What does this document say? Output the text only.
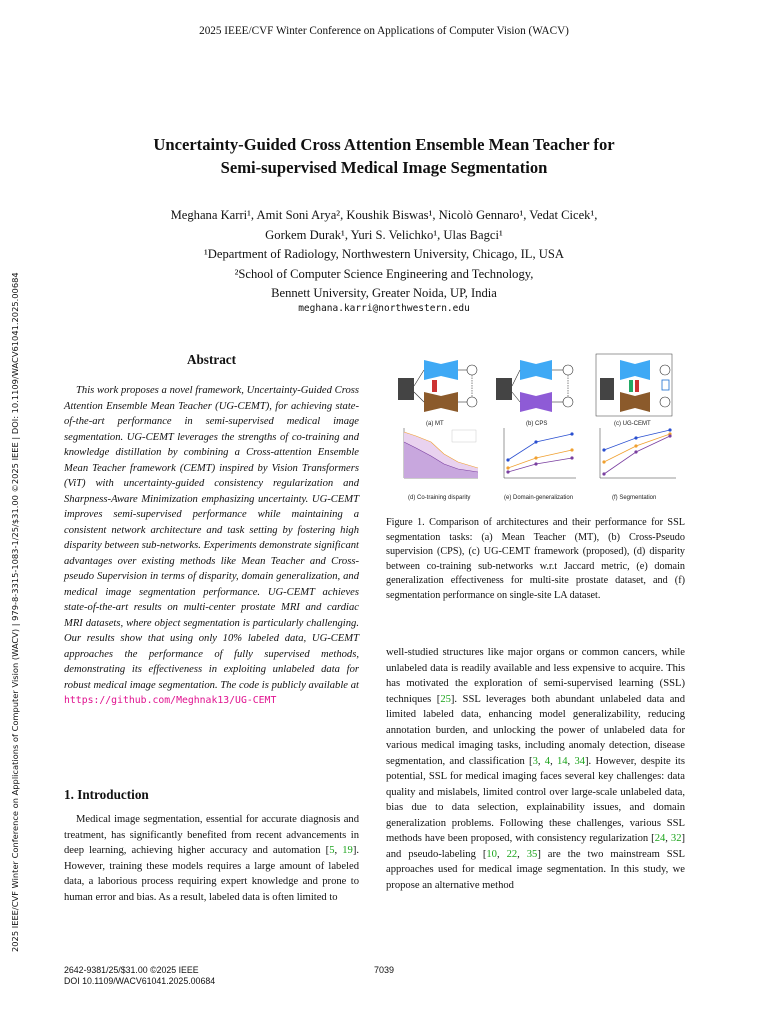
2025 IEEE/CVF Winter Conference on Applications of Computer Vision (WACV)
Uncertainty-Guided Cross Attention Ensemble Mean Teacher for
Semi-supervised Medical Image Segmentation
Meghana Karri¹, Amit Soni Arya², Koushik Biswas¹, Nicolò Gennaro¹, Vedat Cicek¹,
Gorkem Durak¹, Yuri S. Velichko¹, Ulas Bagci¹
¹Department of Radiology, Northwestern University, Chicago, IL, USA
²School of Computer Science Engineering and Technology,
Bennett University, Greater Noida, UP, India
meghana.karri@northwestern.edu
2025 IEEE/CVF Winter Conference on Applications of Computer Vision (WACV) | 979-8-3315-1083-1/25/$31.00 ©2025 IEEE | DOI: 10.1109/WACV61041.2025.00684	Abstract

This work proposes a novel framework, Uncertainty-Guided Cross Attention Ensemble Mean Teacher (UG-CEMT), for achieving state-of-the-art performance in semi-supervised medical image segmentation. UG-CEMT leverages the strengths of co-training and knowledge distillation by combining a Cross-attention Ensemble Mean Teacher framework (CEMT) inspired by Vision Transformers (ViT) with uncertainty-guided consistency regularization and Sharpness-Aware Minimization emphasizing uncertainty. UG-CEMT improves semi-supervised performance while maintaining a consistent network architecture and task setting by fostering high disparity between sub-networks. Experiments demonstrate significant advantages over existing methods like Mean Teacher and Cross-pseudo Supervision in terms of disparity, domain generalization, and medical image segmentation performance. UG-CEMT achieves state-of-the-art results on multi-center prostate MRI and cardiac MRI datasets, where object segmentation is particularly challenging. Our results show that using only 10% labeled data, UG-CEMT approaches the performance of fully supervised methods, demonstrating its effectiveness in exploiting unlabeled data for robust medical image segmentation. The code is publicly available at https://github.com/Meghnak13/UG-CEMT

1. Introduction

Medical image segmentation, essential for accurate diagnosis and treatment, has significantly benefited from recent advancements in deep learning, achieving higher accuracy and automation [5, 19]. However, training these models requires a large amount of labeled data, a laborious process requiring expert knowledge and prone to human error and bias. As a result, labeled data is often limited to

(a) MT	(b) CPS	(c) UG-CEMT
(d) Co-training disparity	(e) Domain-generalization	(f) Segmentation
Figure 1. Comparison of architectures and their performance for SSL segmentation tasks: (a) Mean Teacher (MT), (b) Cross-Pseudo supervision (CPS), (c) UG-CEMT framework (proposed), (d) disparity between co-training sub-networks w.r.t Jaccard metric, (e) domain generalization effectiveness for multi-site prostate dataset, and (f) segmentation performance on single-site LA dataset.

well-studied structures like major organs or common cancers, while unlabeled data is readily available and less expensive to acquire. This has motivated the exploration of semi-supervised learning (SSL) techniques [25]. SSL leverages both abundant unlabeled data and limited labeled data, enhancing model generalizability, reducing annotation burden, and unlocking the power of unlabeled data for various medical imaging tasks, including anomaly detection, disease segmentation, and classification [3, 4, 14, 34]. However, despite its potential, SSL for medical imaging faces several key challenges: data quality and mislabels, limited control over large-scale unlabeled data, bias due to data selection, explainability issues, and domain generalization problems. Following these challenges, various SSL methods have been proposed, with consistency regularization [24, 32] and pseudo-labeling [10, 22, 35] are the two mainstream SSL approaches used for medical image segmentation. In this study, we propose an alternative method

2642-9381/25/$31.00 ©2025 IEEE
DOI 10.1109/WACV61041.2025.00684
7039
